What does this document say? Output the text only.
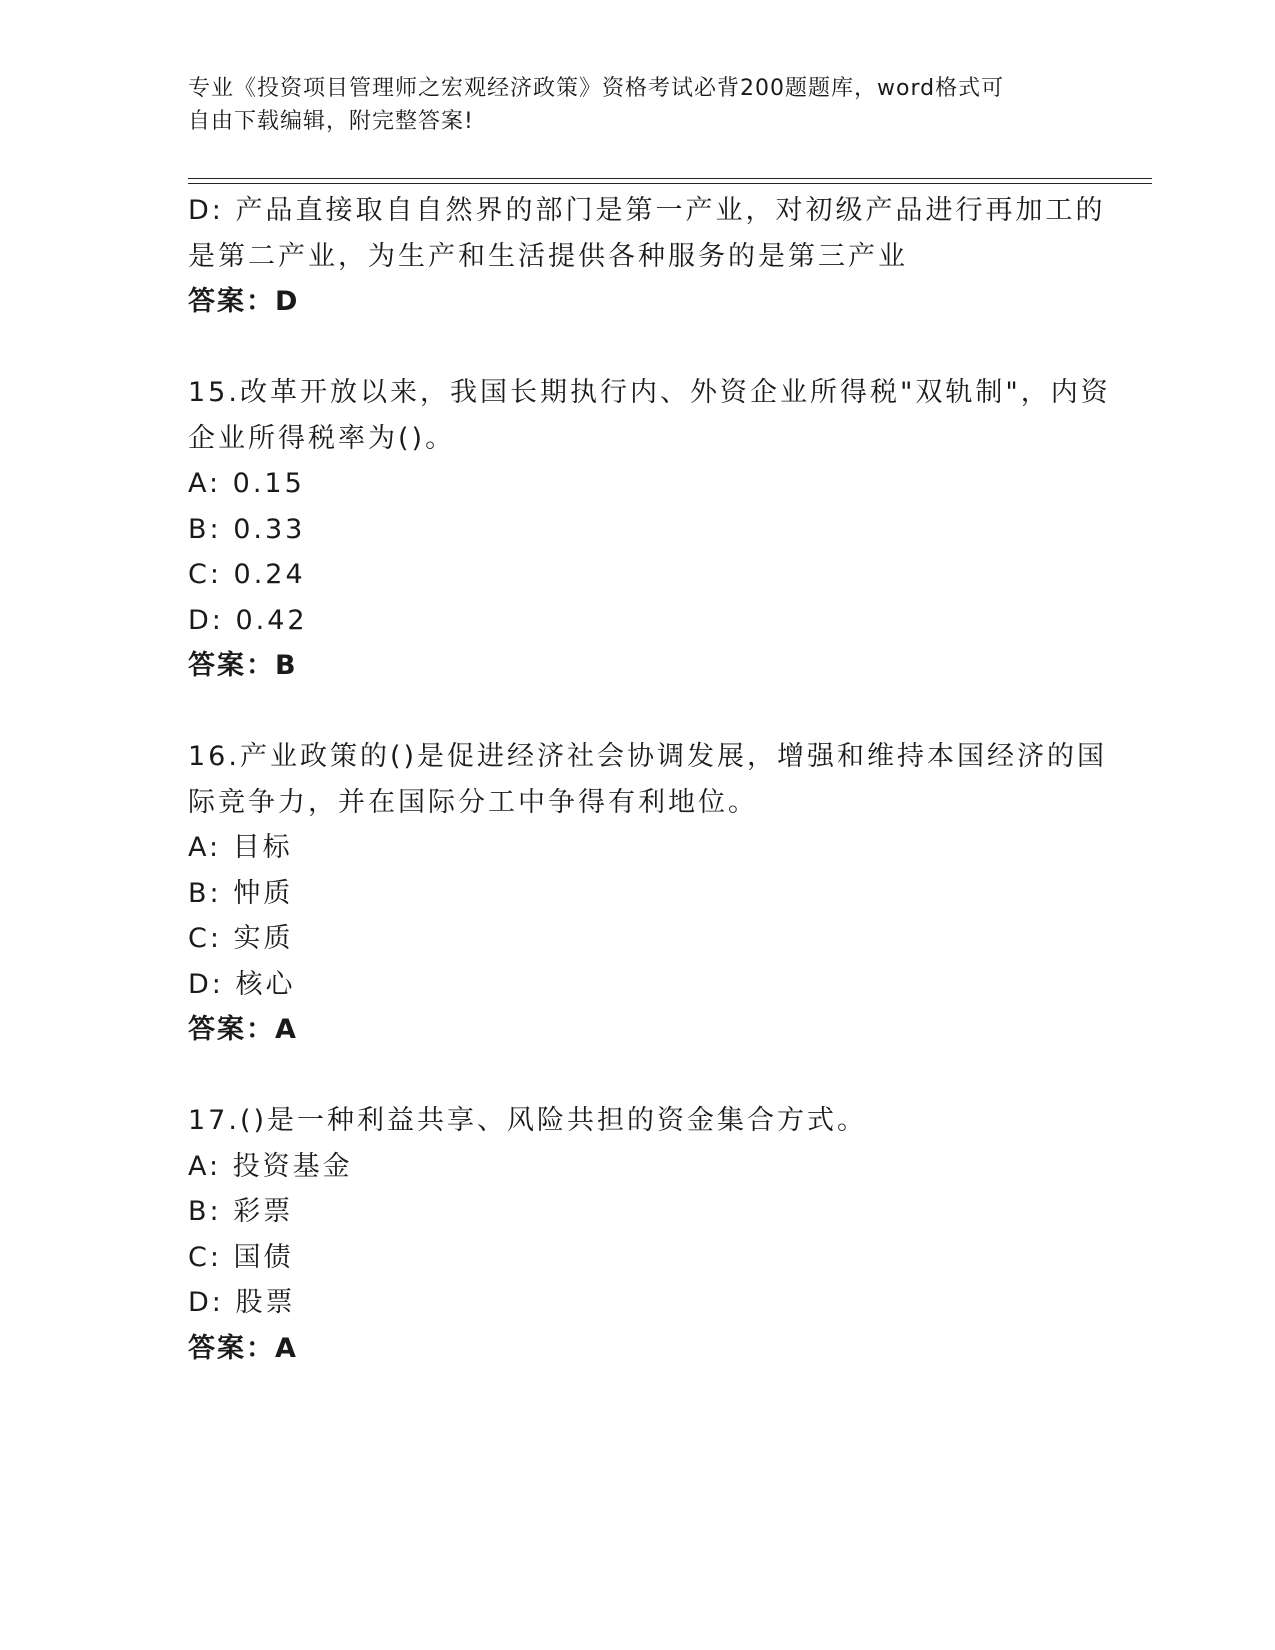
专业《投资项目管理师之宏观经济政策》资格考试必背200题题库，word格式可
自由下载编辑，附完整答案!
D: 产品直接取自自然界的部门是第一产业，对初级产品进行再加工的
是第二产业，为生产和生活提供各种服务的是第三产业
答案：D
15.改革开放以来，我国长期执行内、外资企业所得税"双轨制"，内资
企业所得税率为()。
A: 0.15
B: 0.33
C: 0.24
D: 0.42
答案：B
16.产业政策的()是促进经济社会协调发展，增强和维持本国经济的国
际竞争力，并在国际分工中争得有利地位。
A: 目标
B: 忡质
C: 实质
D: 核心
答案：A
17.()是一种利益共享、风险共担的资金集合方式。
A: 投资基金
B: 彩票
C: 国债
D: 股票
答案：A
